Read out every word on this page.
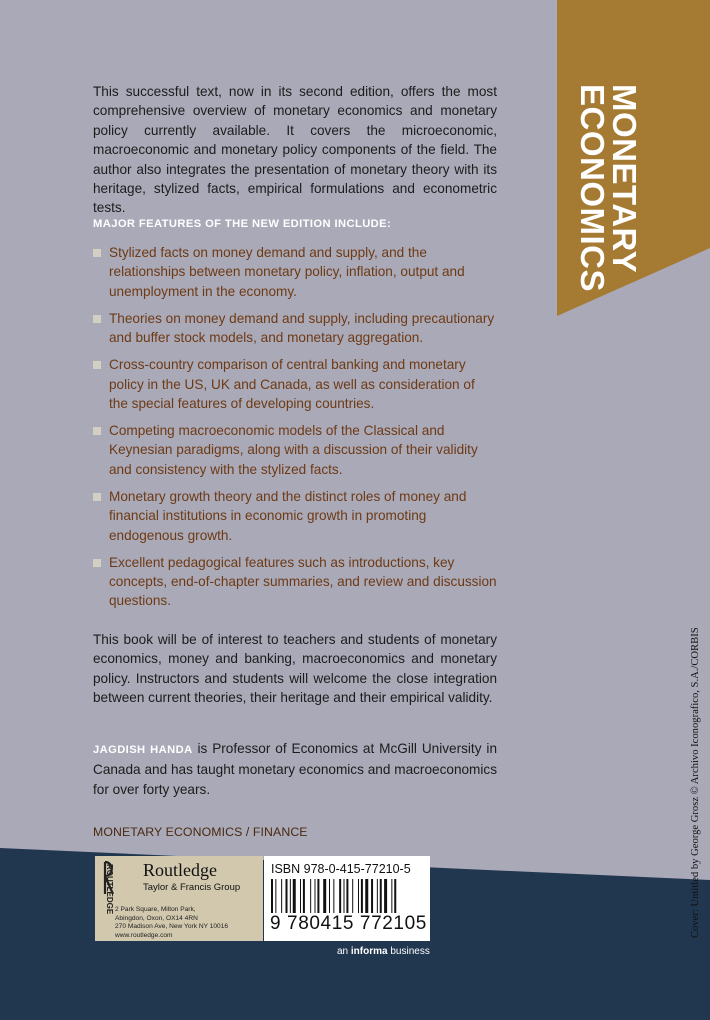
MONETARY
ECONOMICS
This successful text, now in its second edition, offers the most comprehensive overview of monetary economics and monetary policy currently available. It covers the microeconomic, macroeconomic and monetary policy components of the field. The author also integrates the presentation of monetary theory with its heritage, stylized facts, empirical formulations and econometric tests.
MAJOR FEATURES OF THE NEW EDITION INCLUDE:
Stylized facts on money demand and supply, and the relationships between monetary policy, inflation, output and unemployment in the economy.
Theories on money demand and supply, including precautionary and buffer stock models, and monetary aggregation.
Cross-country comparison of central banking and monetary policy in the US, UK and Canada, as well as consideration of the special features of developing countries.
Competing macroeconomic models of the Classical and Keynesian paradigms, along with a discussion of their validity and consistency with the stylized facts.
Monetary growth theory and the distinct roles of money and financial institutions in economic growth in promoting endogenous growth.
Excellent pedagogical features such as introductions, key concepts, end-of-chapter summaries, and review and discussion questions.
This book will be of interest to teachers and students of monetary economics, money and banking, macroeconomics and monetary policy. Instructors and students will welcome the close integration between current theories, their heritage and their empirical validity.
JAGDISH HANDA is Professor of Economics at McGill University in Canada and has taught monetary economics and macroeconomics for over forty years.
MONETARY ECONOMICS / FINANCE
ROUTLEDGE Routledge
Taylor & Francis Group
2 Park Square, Milton Park,
Abingdon, Oxon, OX14 4RN
270 Madison Ave, New York NY 10016
www.routledge.com
ISBN 978-0-415-77210-5
9 780415 772105
an informa business
Cover: Untitled by George Grosz © Archivo Iconografico, S.A./CORBIS
